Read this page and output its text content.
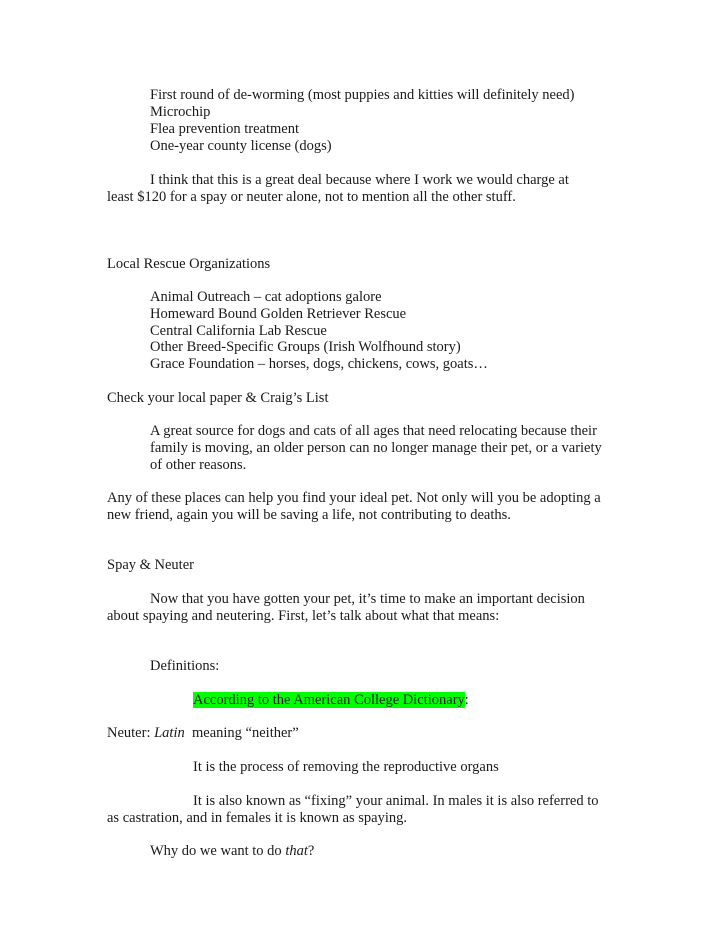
First round of de-worming (most puppies and kitties will definitely need)
Microchip
Flea prevention treatment
One-year county license (dogs)
I think that this is a great deal because where I work we would charge at
least $120 for a spay or neuter alone, not to mention all the other stuff.
Local Rescue Organizations
Animal Outreach – cat adoptions galore
Homeward Bound Golden Retriever Rescue
Central California Lab Rescue
Other Breed-Specific Groups (Irish Wolfhound story)
Grace Foundation – horses, dogs, chickens, cows, goats…
Check your local paper & Craig’s List
A great source for dogs and cats of all ages that need relocating because their
family is moving, an older person can no longer manage their pet, or a variety
of other reasons.
Any of these places can help you find your ideal pet. Not only will you be adopting a
new friend, again you will be saving a life, not contributing to deaths.
Spay & Neuter
Now that you have gotten your pet, it’s time to make an important decision
about spaying and neutering. First, let’s talk about what that means:
Definitions:
According to the American College Dictionary:
Neuter: Latin  meaning “neither”
It is the process of removing the reproductive organs
It is also known as “fixing” your animal. In males it is also referred to
as castration, and in females it is known as spaying.
Why do we want to do that?
